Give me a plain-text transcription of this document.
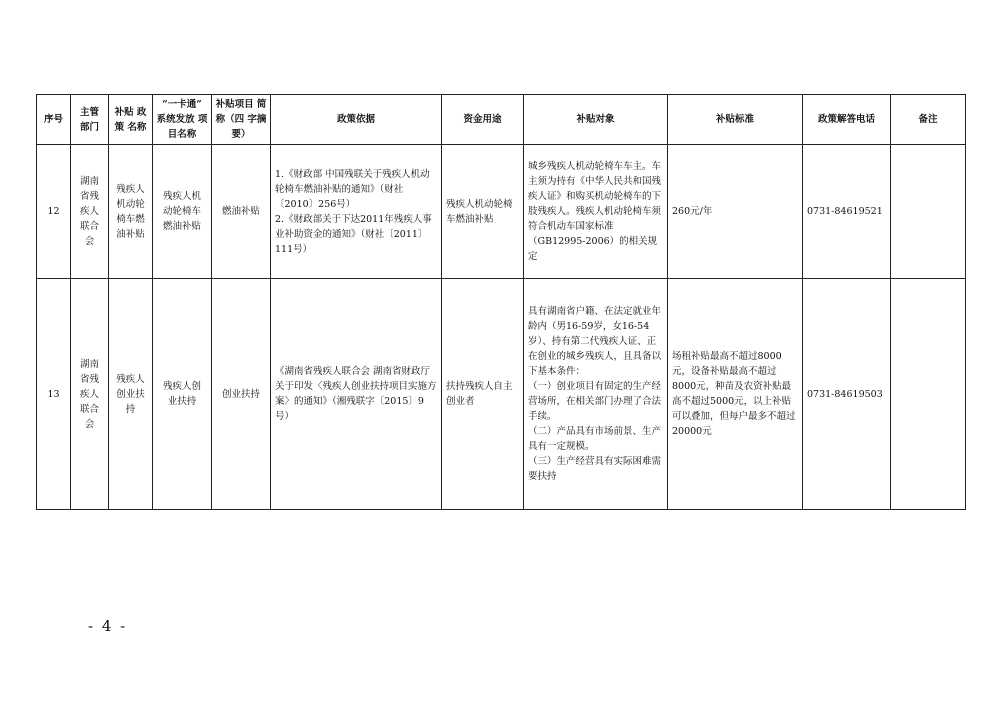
序号	主管 部门	补贴 政策 名称	“一卡通” 系统发放 项目名称	补贴项目 简称（四 字摘要）	政策依据	资金用途	补贴对象	补贴标准	政策解答电话	备注
12	湖南
省残
疾人
联合
会	残疾人
机动轮
椅车燃
油补贴	残疾人机
动轮椅车
燃油补贴	燃油补贴	1.《财政部 中国残联关于残疾人机动轮椅车燃油补贴的通知》（财社〔2010〕256号）
2.《财政部关于下达2011年残疾人事业补助资金的通知》（财社〔2011〕111号）	残疾人机动轮椅车燃油补贴	城乡残疾人机动轮椅车车主。车主须为持有《中华人民共和国残疾人证》和购买机动轮椅车的下肢残疾人。残疾人机动轮椅车须符合机动车国家标准（GB12995-2006）的相关规定	260元/年	0731-84619521	
13	湖南
省残
疾人
联合
会	残疾人
创业扶
持	残疾人创
业扶持	创业扶持	《湖南省残疾人联合会 湖南省财政厅关于印发〈残疾人创业扶持项目实施方案〉的通知》（湘残联字〔2015〕9号）	扶持残疾人自主创业者	具有湖南省户籍、在法定就业年龄内（男16-59岁，女16-54岁）、持有第二代残疾人证、正在创业的城乡残疾人，且具备以下基本条件：
（一）创业项目有固定的生产经营场所，在相关部门办理了合法手续。
（二）产品具有市场前景、生产具有一定规模。
（三）生产经营具有实际困难需要扶持	场租补贴最高不超过8000元，设备补贴最高不超过8000元，种苗及农资补贴最高不超过5000元，以上补贴可以叠加，但每户最多不超过20000元	0731-84619503	
- 4 -
